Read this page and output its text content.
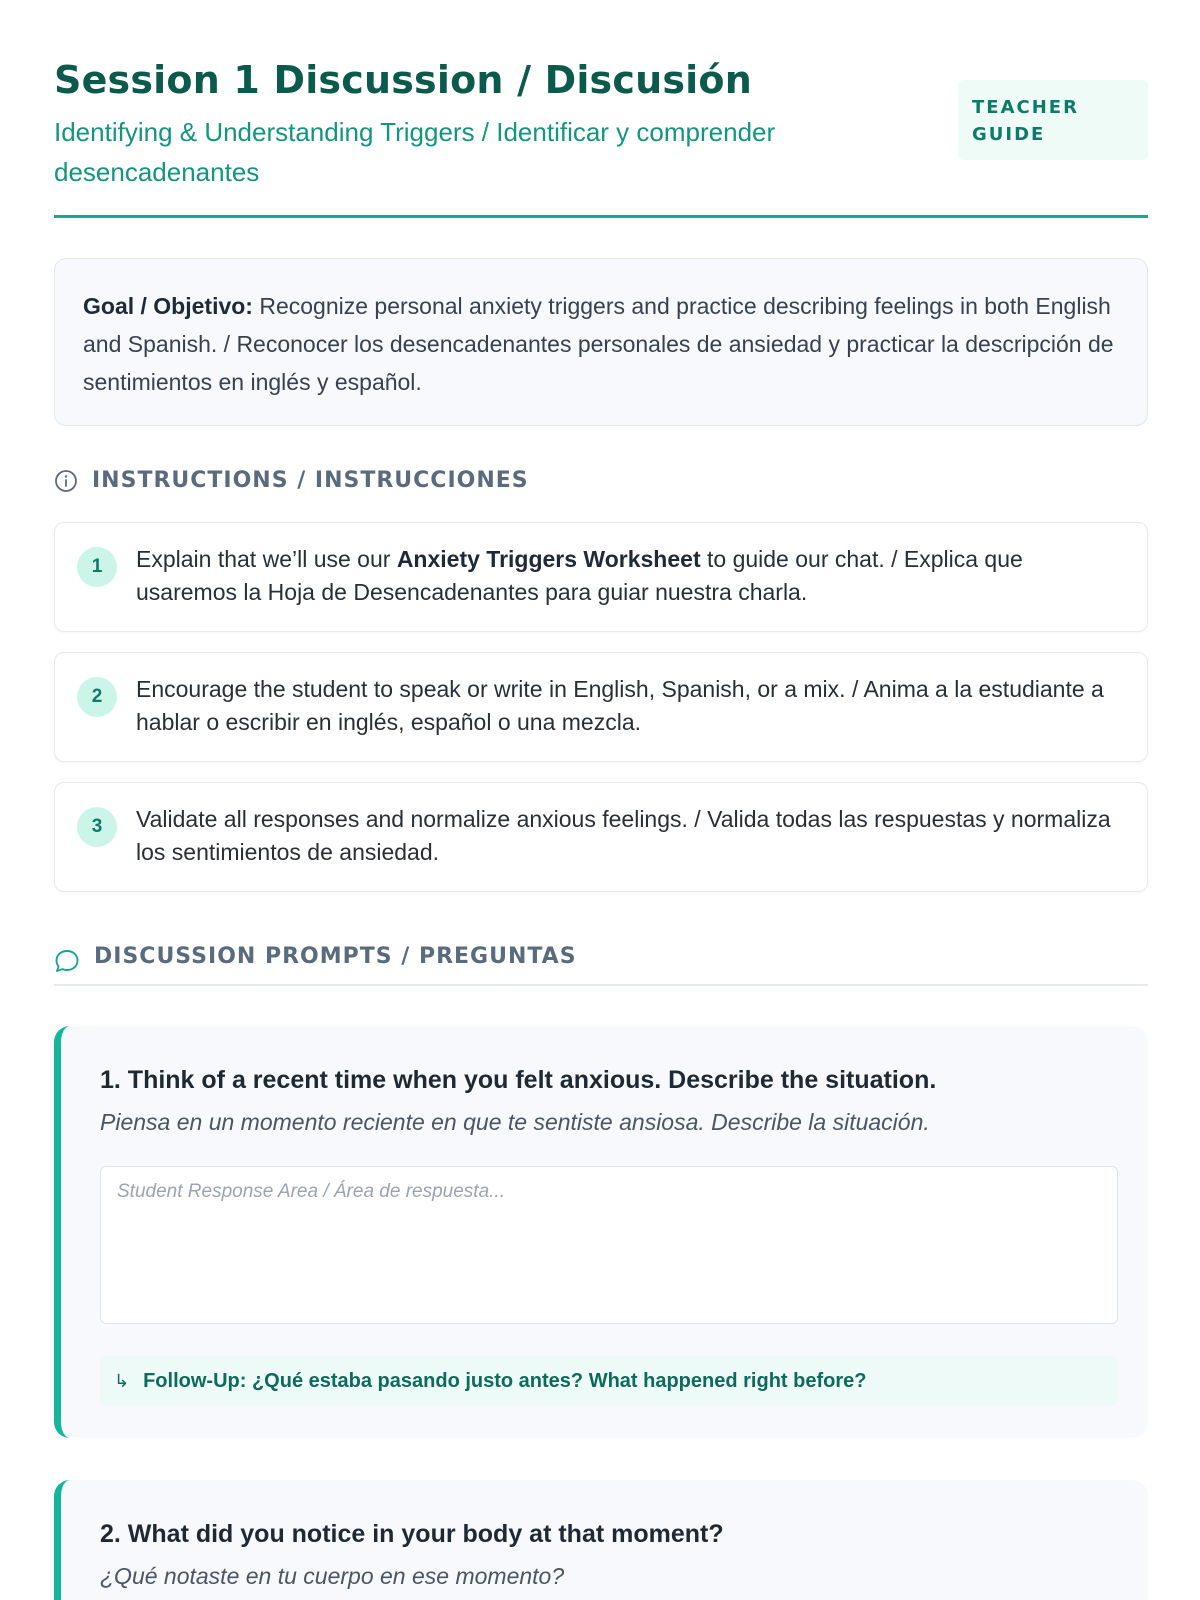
Session 1 Discussion / Discusión
Identifying & Understanding Triggers / Identificar y comprender desencadenantes
TEACHER GUIDE
Goal / Objetivo: Recognize personal anxiety triggers and practice describing feelings in both English and Spanish. / Reconocer los desencadenantes personales de ansiedad y practicar la descripción de sentimientos en inglés y español.
INSTRUCTIONS / INSTRUCCIONES
1	Explain that we’ll use our Anxiety Triggers Worksheet to guide our chat. / Explica que usaremos la Hoja de Desencadenantes para guiar nuestra charla.
2	Encourage the student to speak or write in English, Spanish, or a mix. / Anima a la estudiante a hablar o escribir en inglés, español o una mezcla.
3	Validate all responses and normalize anxious feelings. / Valida todas las respuestas y normaliza los sentimientos de ansiedad.
DISCUSSION PROMPTS / PREGUNTAS
1. Think of a recent time when you felt anxious. Describe the situation.
Piensa en un momento reciente en que te sentiste ansiosa. Describe la situación.
Student Response Area / Área de respuesta...
↳ Follow-Up: ¿Qué estaba pasando justo antes? What happened right before?
2. What did you notice in your body at that moment?
¿Qué notaste en tu cuerpo en ese momento?
